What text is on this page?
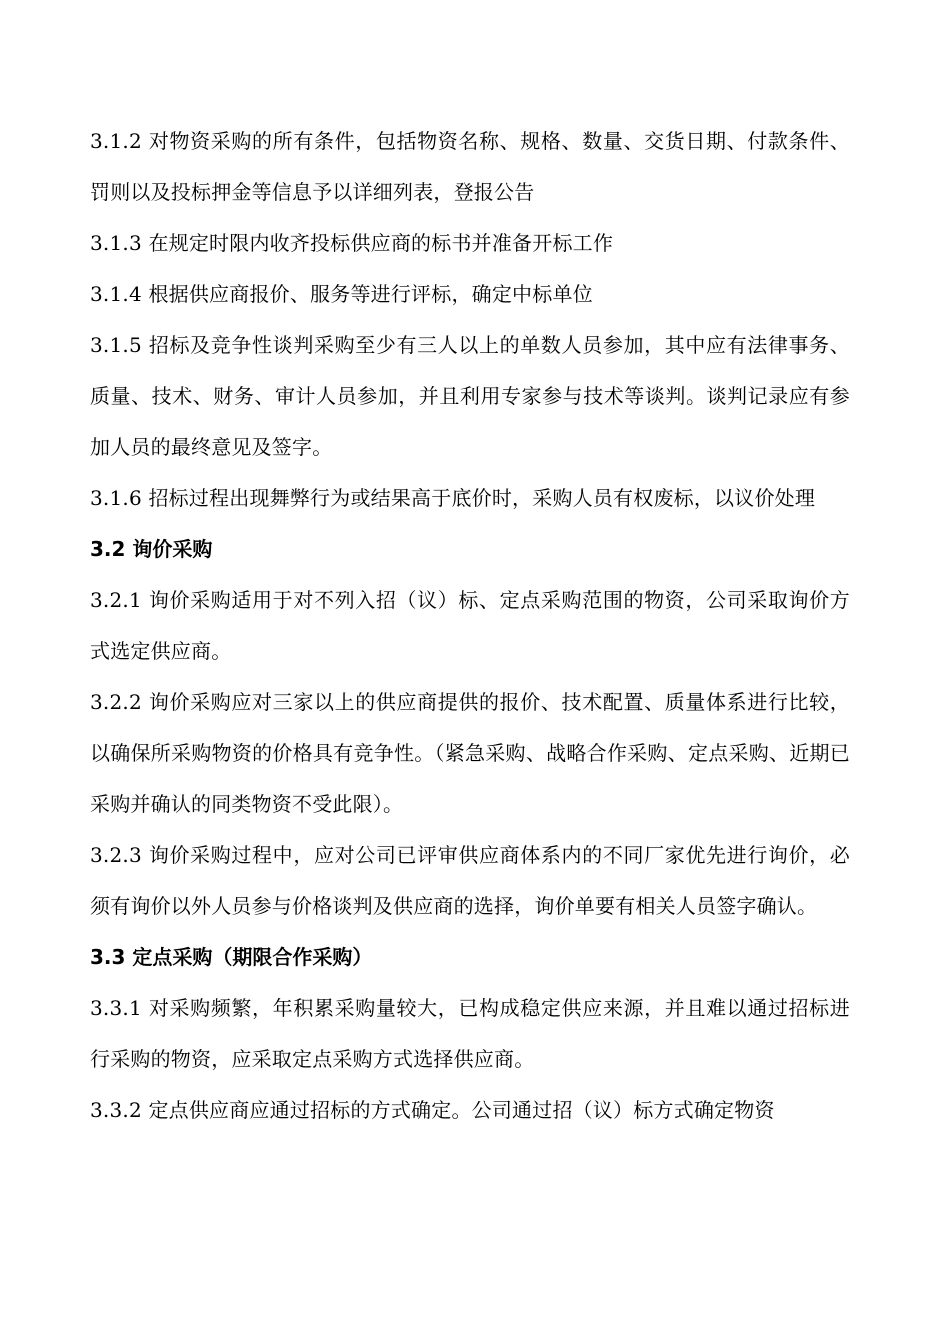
3.1.2 对物资采购的所有条件，包括物资名称、规格、数量、交货日期、付款条件、罚则以及投标押金等信息予以详细列表，登报公告

3.1.3 在规定时限内收齐投标供应商的标书并准备开标工作

3.1.4 根据供应商报价、服务等进行评标，确定中标单位

3.1.5 招标及竞争性谈判采购至少有三人以上的单数人员参加，其中应有法律事务、质量、技术、财务、审计人员参加，并且利用专家参与技术等谈判。谈判记录应有参加人员的最终意见及签字。

3.1.6 招标过程出现舞弊行为或结果高于底价时，采购人员有权废标，以议价处理

3.2 询价采购

3.2.1 询价采购适用于对不列入招（议）标、定点采购范围的物资，公司采取询价方式选定供应商。

3.2.2 询价采购应对三家以上的供应商提供的报价、技术配置、质量体系进行比较，以确保所采购物资的价格具有竞争性。（紧急采购、战略合作采购、定点采购、近期已采购并确认的同类物资不受此限）。

3.2.3 询价采购过程中，应对公司已评审供应商体系内的不同厂家优先进行询价，必须有询价以外人员参与价格谈判及供应商的选择，询价单要有相关人员签字确认。

3.3 定点采购（期限合作采购）

3.3.1 对采购频繁，年积累采购量较大，已构成稳定供应来源，并且难以通过招标进行采购的物资，应采取定点采购方式选择供应商。

3.3.2 定点供应商应通过招标的方式确定。公司通过招（议）标方式确定物资
